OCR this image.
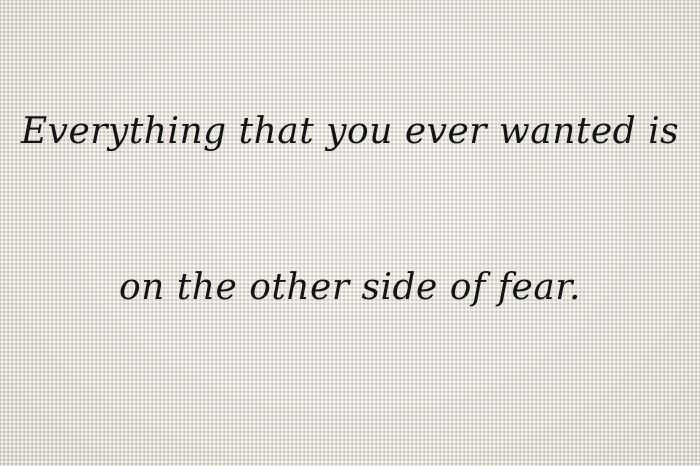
Everything that you ever wanted is
on the other side of fear.
